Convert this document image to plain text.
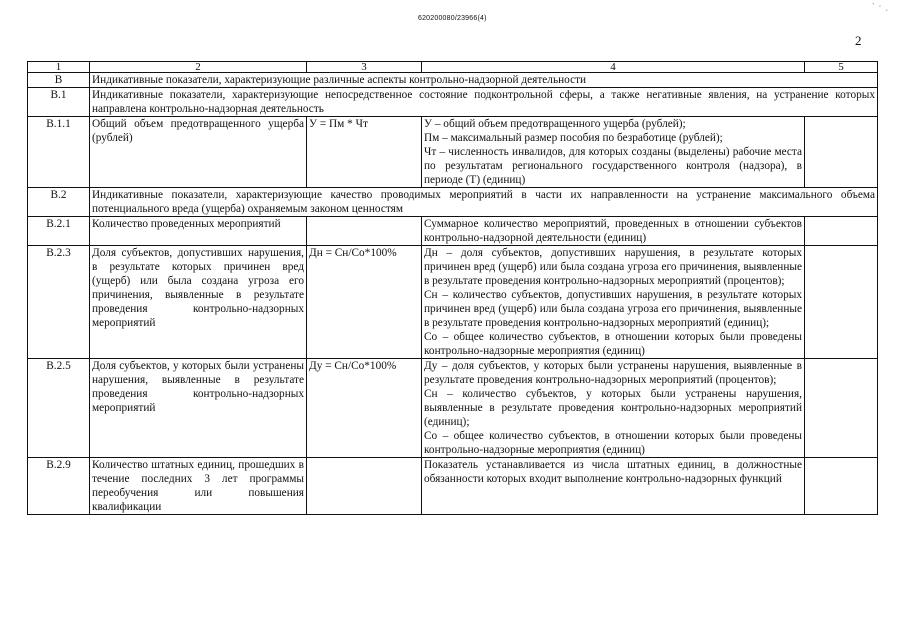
620200080/23966(4)
` · ˎ
2
1	2	3	4	5
В	Индикативные показатели, характеризующие различные аспекты контрольно-надзорной деятельности			
В.1	Индикативные показатели, характеризующие непосредственное состояние подконтрольной сферы, а также негативные явления, на устранение которых направлена контрольно-надзорная деятельность			
В.1.1	Общий объем предотвращенного ущерба (рублей)	У = Пм * Чт	У – общий объем предотвращенного ущерба (рублей);
Пм – максимальный размер пособия по безработице (рублей);
Чт – численность инвалидов, для которых созданы (выделены) рабочие места по результатам регионального государственного контроля (надзора), в периоде (Т) (единиц)	

В.2	Индикативные показатели, характеризующие качество проводимых мероприятий в части их направленности на устранение максимального объема потенциального вреда (ущерба) охраняемым законом ценностям			
В.2.1	Количество проведенных мероприятий		Суммарное количество мероприятий, проведенных в отношении субъектов контрольно-надзорной деятельности (единиц)	

В.2.3	Доля субъектов, допустивших нарушения, в результате которых причинен вред (ущерб) или была создана угроза его причинения, выявленные в результате проведения контрольно-надзорных мероприятий	Дн = Сн/Со*100%	Дн – доля субъектов, допустивших нарушения, в результате которых причинен вред (ущерб) или была создана угроза его причинения, выявленные в результате проведения контрольно-надзорных мероприятий (процентов);
Сн – количество субъектов, допустивших нарушения, в результате которых причинен вред (ущерб) или была создана угроза его причинения, выявленные в результате проведения контрольно-надзорных мероприятий (единиц);
Со – общее количество субъектов, в отношении которых были проведены контрольно-надзорные мероприятия (единиц)	

В.2.5	Доля субъектов, у которых были устранены нарушения, выявленные в результате проведения контрольно-надзорных мероприятий	Ду = Сн/Со*100%	Ду – доля субъектов, у которых были устранены нарушения, выявленные в результате проведения контрольно-надзорных мероприятий (процентов);
Сн – количество субъектов, у которых были устранены нарушения, выявленные в результате проведения контрольно-надзорных мероприятий (единиц);
Со – общее количество субъектов, в отношении которых были проведены контрольно-надзорные мероприятия (единиц)	

В.2.9	Количество штатных единиц, прошедших в течение последних 3 лет программы переобучения или повышения квалификации		Показатель устанавливается из числа штатных единиц, в должностные обязанности которых входит выполнение контрольно-надзорных функций	
